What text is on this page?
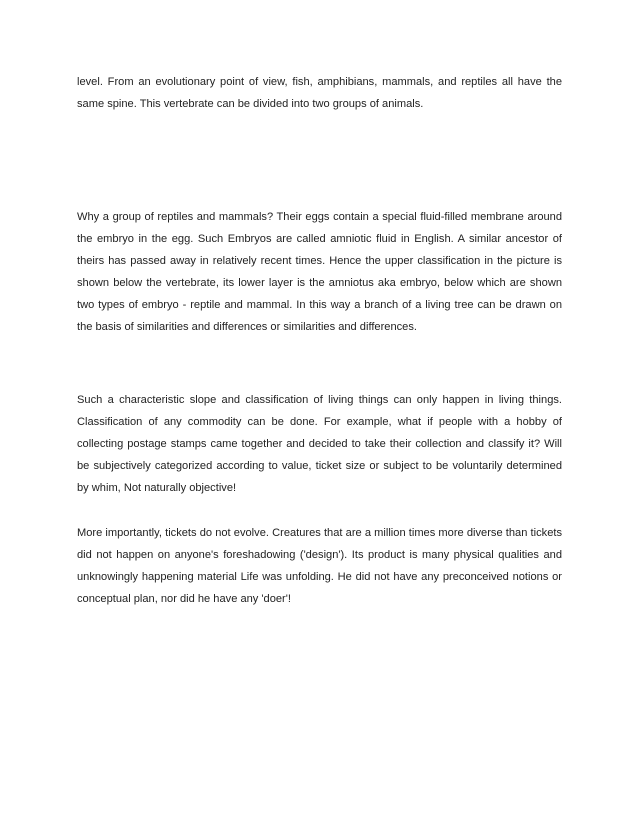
level. From an evolutionary point of view, fish, amphibians, mammals, and reptiles all have the same spine. This vertebrate can be divided into two groups of animals.

Why a group of reptiles and mammals? Their eggs contain a special fluid-filled membrane around the embryo in the egg. Such Embryos are called amniotic fluid in English. A similar ancestor of theirs has passed away in relatively recent times. Hence the upper classification in the picture is shown below the vertebrate, its lower layer is the amniotus aka embryo, below which are shown two types of embryo - reptile and mammal. In this way a branch of a living tree can be drawn on the basis of similarities and differences or similarities and differences.

Such a characteristic slope and classification of living things can only happen in living things. Classification of any commodity can be done. For example, what if people with a hobby of collecting postage stamps came together and decided to take their collection and classify it? Will be subjectively categorized according to value, ticket size or subject to be voluntarily determined by whim, Not naturally objective!

More importantly, tickets do not evolve. Creatures that are a million times more diverse than tickets did not happen on anyone's foreshadowing ('design'). Its product is many physical qualities and unknowingly happening material Life was unfolding. He did not have any preconceived notions or conceptual plan, nor did he have any 'doer'!
